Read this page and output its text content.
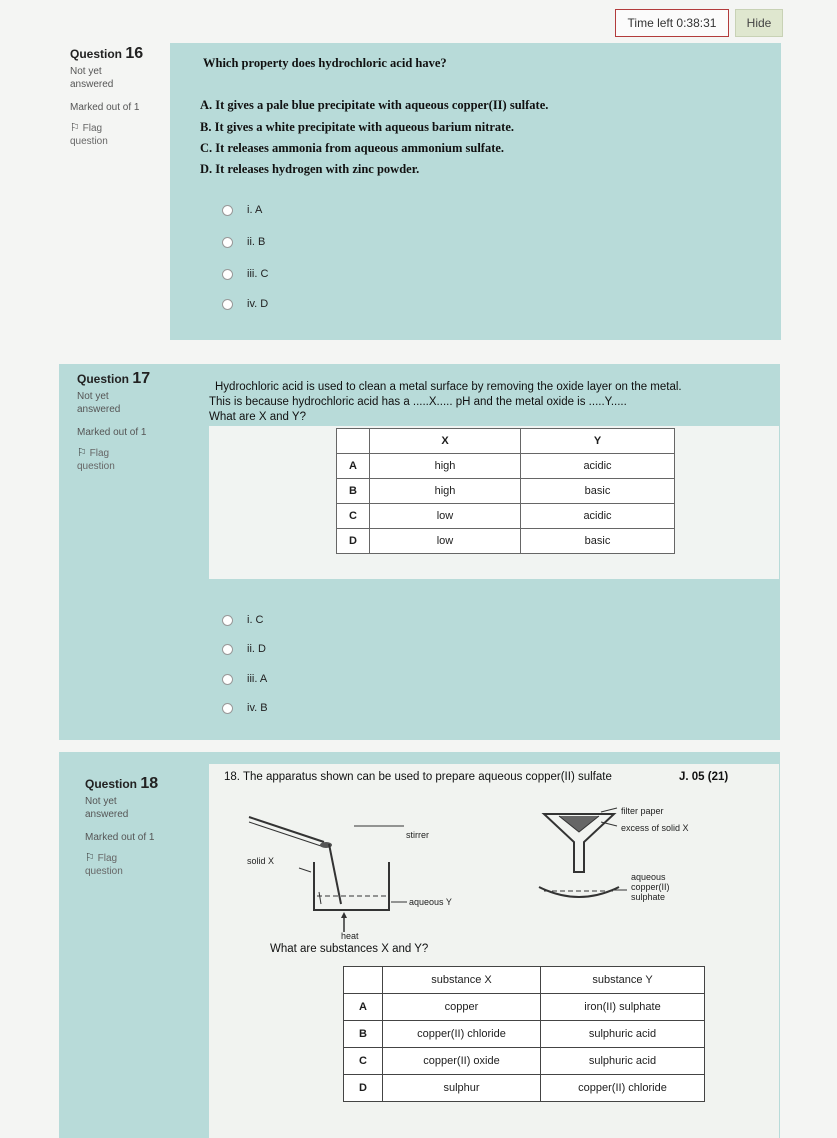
Time left 0:38:31	Hide
Question 16
Not yet
answered
Marked out of 1
⚐ Flag
question
Which property does hydrochloric acid have?
A. It gives a pale blue precipitate with aqueous copper(II) sulfate.
B. It gives a white precipitate with aqueous barium nitrate.
C. It releases ammonia from aqueous ammonium sulfate.
D. It releases hydrogen with zinc powder.
i. A
ii. B
iii. C
iv. D
Hydrochloric acid is used to clean a metal surface by removing the oxide layer on the metal.
This is because hydrochloric acid has a .....X..... pH and the metal oxide is .....Y.....
What are X and Y?
Question 17
Not yet
answered
Marked out of 1
⚐ Flag
question
	X	Y
A	high	acidic
B	high	basic
C	low	acidic
D	low	basic
i. C
ii. D
iii. A
iv. B
Question 18
Not yet
answered
Marked out of 1
⚐ Flag
question
18. The apparatus shown can be used to prepare aqueous copper(II) sulfate	J. 05 (21)
stirrer
solid X
aqueous Y
heat
filter paper
excess of solid X
aqueous
copper(II)
sulphate
What are substances X and Y?
	substance X	substance Y
A	copper	iron(II) sulphate
B	copper(II) chloride	sulphuric acid
C	copper(II) oxide	sulphuric acid
D	sulphur	copper(II) chloride
